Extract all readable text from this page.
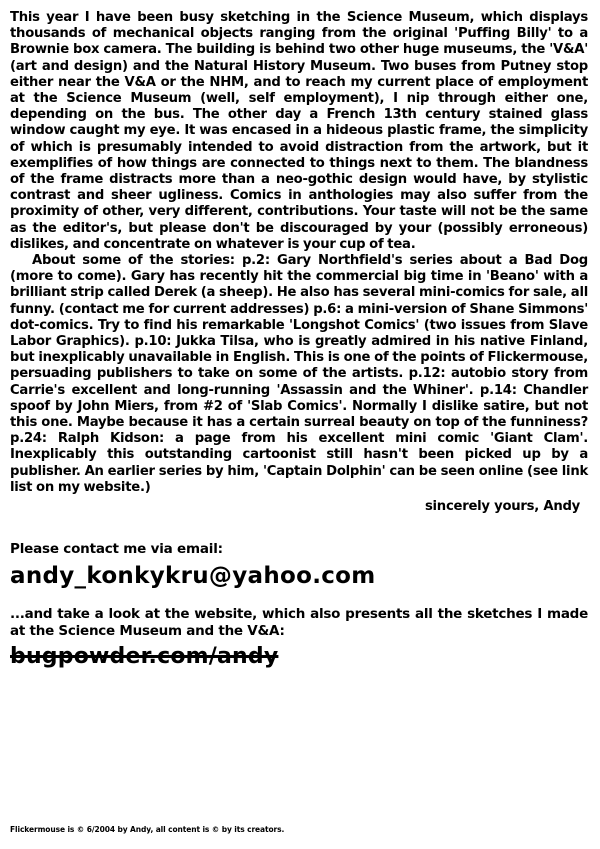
This year I have been busy sketching in the Science Museum, which displays thousands of mechanical objects ranging from the original 'Puffing Billy' to a Brownie box camera. The building is behind two other huge museums, the 'V&A' (art and design) and the Natural History Museum. Two buses from Putney stop either near the V&A or the NHM, and to reach my current place of employment at the Science Museum (well, self employment), I nip through either one, depending on the bus. The other day a French 13th century stained glass window caught my eye. It was encased in a hideous plastic frame, the simplicity of which is presumably intended to avoid distraction from the artwork, but it exemplifies of how things are connected to things next to them. The blandness of the frame distracts more than a neo-gothic design would have, by stylistic contrast and sheer ugliness. Comics in anthologies may also suffer from the proximity of other, very different, contributions. Your taste will not be the same as the editor's, but please don't be discouraged by your (possibly erroneous) dislikes, and concentrate on whatever is your cup of tea.

About some of the stories: p.2: Gary Northfield's series about a Bad Dog (more to come). Gary has recently hit the commercial big time in 'Beano' with a brilliant strip called Derek (a sheep). He also has several mini-comics for sale, all funny. (contact me for current addresses) p.6: a mini-version of Shane Simmons' dot-comics. Try to find his remarkable 'Longshot Comics' (two issues from Slave Labor Graphics). p.10: Jukka Tilsa, who is greatly admired in his native Finland, but inexplicably unavailable in English. This is one of the points of Flickermouse, persuading publishers to take on some of the artists. p.12: autobio story from Carrie's excellent and long-running 'Assassin and the Whiner'. p.14: Chandler spoof by John Miers, from #2 of 'Slab Comics'. Normally I dislike satire, but not this one. Maybe because it has a certain surreal beauty on top of the funniness? p.24: Ralph Kidson: a page from his excellent mini comic 'Giant Clam'. Inexplicably this outstanding cartoonist still hasn't been picked up by a publisher. An earlier series by him, 'Captain Dolphin' can be seen online (see link list on my website.)

sincerely yours, Andy

Please contact me via email:

andy_konkykru@yahoo.com

...and take a look at the website, which also presents all the sketches I made at the Science Museum and the V&A:

bugpowder.com/andy
Flickermouse is © 6/2004 by Andy, all content is © by its creators.
